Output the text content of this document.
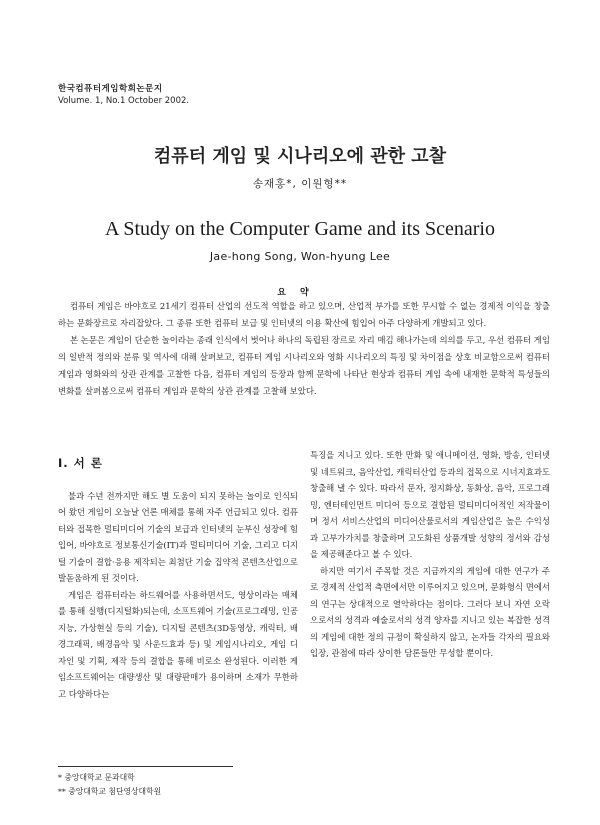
한국컴퓨터게임학회논문지
Volume. 1, No.1 October 2002.
컴퓨터 게임 및 시나리오에 관한 고찰
송재홍*, 이원형**
A Study on the Computer Game and its Scenario
Jae-hong Song, Won-hyung Lee
요약

컴퓨터 게임은 바야흐로 21세기 컴퓨터 산업의 선도적 역할을 하고 있으며, 산업적 부가를 또한 무시할 수 없는 경제적 이익을 창출하는 문화장르로 자리잡았다. 그 종류 또한 컴퓨터 보급 및 인터넷의 이용 확산에 힘입어 아주 다양하게 개발되고 있다.

본 논문은 게임이 단순한 놀이라는 종래 인식에서 벗어나 하나의 독립된 장르로 자리 매김 해나가는데 의의를 두고, 우선 컴퓨터 게임의 일반적 정의와 분류 및 역사에 대해 살펴보고, 컴퓨터 게임 시나리오와 영화 시나리오의 특징 및 차이점을 상호 비교함으로써 컴퓨터 게임과 영화와의 상관 관계를 고찰한 다음, 컴퓨터 게임의 등장과 함께 문학에 나타난 현상과 컴퓨터 게임 속에 내재한 문학적 특성들의 변화를 살펴봄으로써 컴퓨터 게임과 문학의 상관 관계를 고찰해 보았다.

Ⅰ. 서 론

불과 수년 전까지만 해도 별 도움이 되지 못하는 놀이로 인식되어 왔던 게임이 오늘날 언론 매체를 통해 자주 언급되고 있다. 컴퓨터와 접목한 멀티미디어 기술의 보급과 인터넷의 눈부신 성장에 힘입어, 바야흐로 정보통신기술(IT)과 멀티미디어 기술, 그리고 디지털 기술이 결합·응용 제작되는 최첨단 기술 집약적 콘텐츠산업으로 발돋움하게 된 것이다.

게임은 컴퓨터라는 하드웨어를 사용하면서도, 영상이라는 매체를 통해 실행(디지털화)되는데, 소프트웨어 기술(프로그래밍, 인공지능, 가상현실 등의 기술), 디지털 콘텐츠(3D동영상, 캐릭터, 배경그래픽, 배경음악 및 사운드효과 등) 및 게임시나리오, 게임 디자인 및 기획, 제작 등의 결합을 통해 비로소 완성된다. 이러한 게임소프트웨어는 대량생산 및 대량판매가 용이하며 소재가 무한하고 다양하다는

특징을 지니고 있다. 또한 만화 및 애니메이션, 영화, 방송, 인터넷 및 네트워크, 음악산업, 캐릭터산업 등과의 접목으로 시너지효과도 창출해 낼 수 있다. 따라서 문자, 정지화상, 동화상, 음악, 프로그래밍, 엔터테인먼트 미디어 등으로 결합된 멀티미디어적인 저작물이며 정서 서비스산업의 미디어산물로서의 게임산업은 높은 수익성과 고부가가치를 창출하며 고도화된 상품개발 성향의 정서와 감성을 제공해준다고 볼 수 있다.

하지만 여기서 주목할 것은 지금까지의 게임에 대한 연구가 주로 경제적 산업적 측면에서만 이루어지고 있으며, 문화형식 면에서의 연구는 상대적으로 열악하다는 점이다. 그러다 보니 자연 오락으로서의 성격과 예술로서의 성격 양자를 지니고 있는 복잡한 성격의 게임에 대한 정의 규정이 확실하지 않고, 논자들 각자의 필요와 입장, 관점에 따라 상이한 담론들만 무성할 뿐이다.

* 중앙대학교 문과대학
** 중앙대학교 첨단영상대학원
